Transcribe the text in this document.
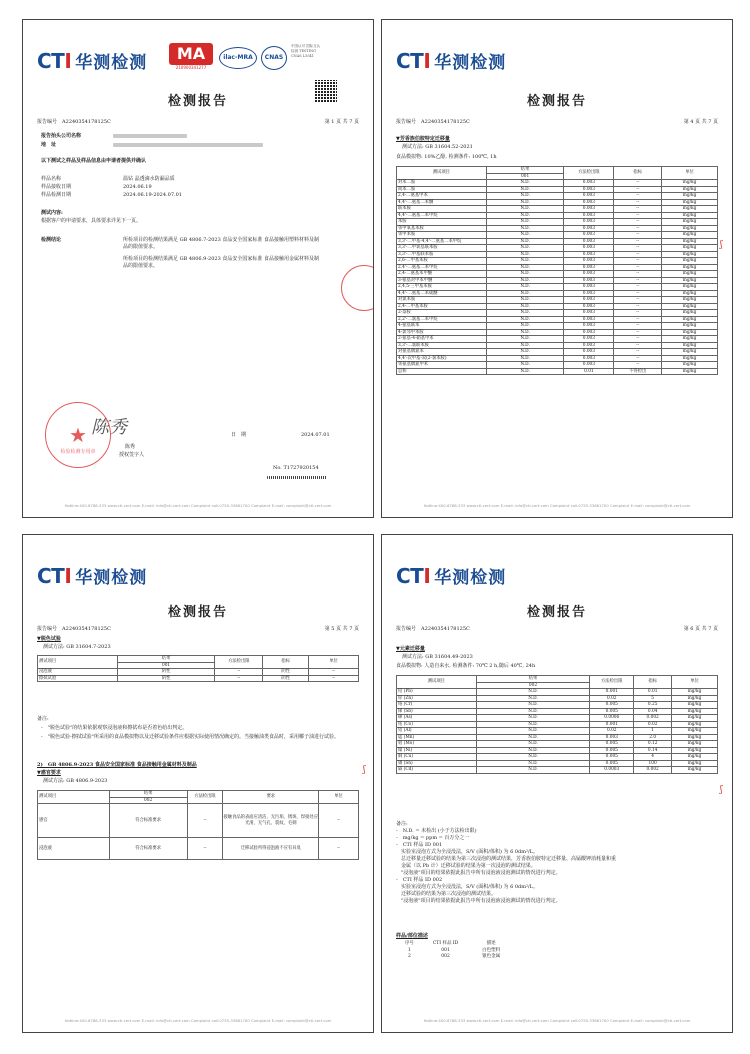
CTI 华测检测	MA
210900341277
ilac-MRA	CNAS
中国认可 国际互认 检测 TESTING CNAS L5541
检测报告
报告编号　 A2240354178125C	第 1 页 共 7 页
报告抬头公司名称
地　址
以下测试之样品及样品信息由申请者提供并确认
样品名称	温钻 晶透滴水防漏品质
样品接收日期	2024.06.19
样品检测日期	2024.06.19-2024.07.01
测试内容:
根据客户的申请要求，具体要求详见下一页。
检测结论	所检项目的检测结果满足 GB 4806.7-2023 食品安全国家标准 食品接触用塑料材料及制品的限值要求。
所检项目的检测结果满足 GB 4806.9-2023 食品安全国家标准 食品接触用金属材料及制品的限值要求。
检验检测专用章
★ 陈秀
陈秀
授权签字人
日　期	2024.07.01
No. T1727920154
Hotline:400-6788-333 www.cti-cert.com E-mail: info@cti-cert.com Complaint call:0755-33681700 Complaint E-mail: complaint@cti-cert.com
CTI 华测检测
检测报告
报告编号　 A2240354178125C	第 4 页 共 7 页
▼芳香族伯胺特定迁移量
测试方法: GB 31604.52-2021
食品模拟物: 10%乙醇, 检测条件: 100℃, 1h
测试项目	结果	方法检出限	指标	单位
	001			
对苯二胺	N.D.	0.003	--	mg/kg
间苯二胺	N.D.	0.003	--	mg/kg
2,4-二氨基甲苯	N.D.	0.003	--	mg/kg
4,4'-二氨基二苯醚	N.D.	0.003	--	mg/kg
联苯胺	N.D.	0.003	--	mg/kg
4,4'-二氨基二苯甲烷	N.D.	0.003	--	mg/kg
苯胺	N.D.	0.003	--	mg/kg
邻甲氧基苯胺	N.D.	0.003	--	mg/kg
邻甲苯胺	N.D.	0.003	--	mg/kg
3,3'-二甲基-4,4'-二氨基二苯甲烷	N.D.	0.003	--	mg/kg
3,3'-二甲氧基联苯胺	N.D.	0.003	--	mg/kg
3,3'-二甲基联苯胺	N.D.	0.003	--	mg/kg
2,6-二甲基苯胺	N.D.	0.003	--	mg/kg
2,4'-二氨基二苯甲烷	N.D.	0.003	--	mg/kg
2,4-二氨基苯甲醚	N.D.	0.003	--	mg/kg
3-氨基对甲苯甲醚	N.D.	0.003	--	mg/kg
2,4,5-三甲基苯胺	N.D.	0.003	--	mg/kg
4,4'-二氨基二苯硫醚	N.D.	0.003	--	mg/kg
对氯苯胺	N.D.	0.003	--	mg/kg
2,4-二甲基苯胺	N.D.	0.003	--	mg/kg
2-萘胺	N.D.	0.003	--	mg/kg
2,2'-二氯基二苯甲烷	N.D.	0.003	--	mg/kg
4-氨基联苯	N.D.	0.003	--	mg/kg
4-氯邻甲苯胺	N.D.	0.003	--	mg/kg
2-氨基-4-硝基甲苯	N.D.	0.003	--	mg/kg
3,3'-二氯联苯胺	N.D.	0.003	--	mg/kg
对氨基偶氮苯	N.D.	0.003	--	mg/kg
4,4'-次甲基-双(2-氯苯胺)	N.D.	0.003	--	mg/kg
邻氨基偶氮甲苯	N.D.	0.003	--	mg/kg
总和	N.D.	0.01	不得检出	mg/kg
ʃ
Hotline:400-6788-333 www.cti-cert.com E-mail: info@cti-cert.com Complaint call:0755-33681700 Complaint E-mail: complaint@cti-cert.com
CTI 华测检测
检测报告
报告编号　 A2240354178125C	第 5 页 共 7 页
▼脱色试验
测试方法: GB 31604.7-2023
测试项目	结果	方法检出限	指标	单位
	001			
浸泡液	阴性	--	阴性	--
擦拭试验	阴性	--	阴性	--
备注:
-　"脱色试验"的结果依据观察浸泡液和擦拭布是否着色给出判定。
-　"脱色试验-擦拭试验"所采用的食品模拟物以及迁移试验条件应根据实际使用情况确定的。当接触油类食品时，采用椰子油进行试验。
2)　GB 4806.9-2023 食品安全国家标准 食品接触用金属材料及制品
▼感官要求
测试方法: GB 4806.9-2023
测试项目	结果	方法检出限	要求	单位
	002			
感官	符合标准要求	--	接触食品的表面应清洁，无污垢、锈斑、焊接处应光滑，无气孔、裂纹、毛刺	--
浸泡液	符合标准要求	--	迁移试验所得浸泡液不应有异臭	--
ʃ
Hotline:400-6788-333 www.cti-cert.com E-mail: info@cti-cert.com Complaint call:0755-33681700 Complaint E-mail: complaint@cti-cert.com
CTI 华测检测
检测报告
报告编号　 A2240354178125C	第 6 页 共 7 页
▼元素迁移量
测试方法: GB 31604.49-2023
食品模拟物: 人造自来水, 检测条件: 70℃ 2 h,随后 40℃, 24h
测试项目	结果	方法检出限	指标	单位
	002			
铅 (Pb)	N.D.	0.001	0.01	mg/kg
锌 (Zn)	N.D.	0.02	5	mg/kg
铬 (Cr)	N.D.	0.005	0.25	mg/kg
锑 (Sb)	N.D.	0.005	0.04	mg/kg
砷 (As)	N.D.	0.0006	0.002	mg/kg
钴 (Co)	N.D.	0.001	0.02	mg/kg
铝 (Al)	N.D.	0.02	1	mg/kg
锰 (Mn)	N.D.	0.003	2.0	mg/kg
钼 (Mo)	N.D.	0.005	0.12	mg/kg
镍 (Ni)	N.D.	0.005	0.14	mg/kg
铜 (Cu)	N.D.	0.005	4	mg/kg
锡 (Sn)	N.D.	0.005	100	mg/kg
镉 (Cd)	N.D.	0.0003	0.002	mg/kg
备注:
-　N.D. = 未检出 (小于方法检出限)
-　mg/kg = ppm = 百万分之一
-　CTI 样品 ID 001
　实验室浸泡方式为全浸没法，S/V (面积/体积) 为 6 0dm²/L。
　总迁移量迁移试验的结果为第三次浸泡的测试结果，芳香族伯胺特定迁移量、高锰酸钾消耗量和重
　金属（以 Pb 计）迁移试验的结果为第一次浸泡的测试结果。
　"浸泡液"项目的结果依据此报告中所有浸泡液浸泡测试的情况进行判定。
-　CTI 样品 ID 002
　实验室浸泡方式为全浸没法，S/V (面积/体积) 为 6 0dm²/L。
　迁移试验的结果为第三次浸泡的测试结果。
　"浸泡液"项目的结果依据此报告中所有浸泡液浸泡测试的情况进行判定。
样品/部位描述
序号	CTI 样品 ID	描述
1	001	白色塑料
2	002	银色金属
ʃ
Hotline:400-6788-333 www.cti-cert.com E-mail: info@cti-cert.com Complaint call:0755-33681700 Complaint E-mail: complaint@cti-cert.com
